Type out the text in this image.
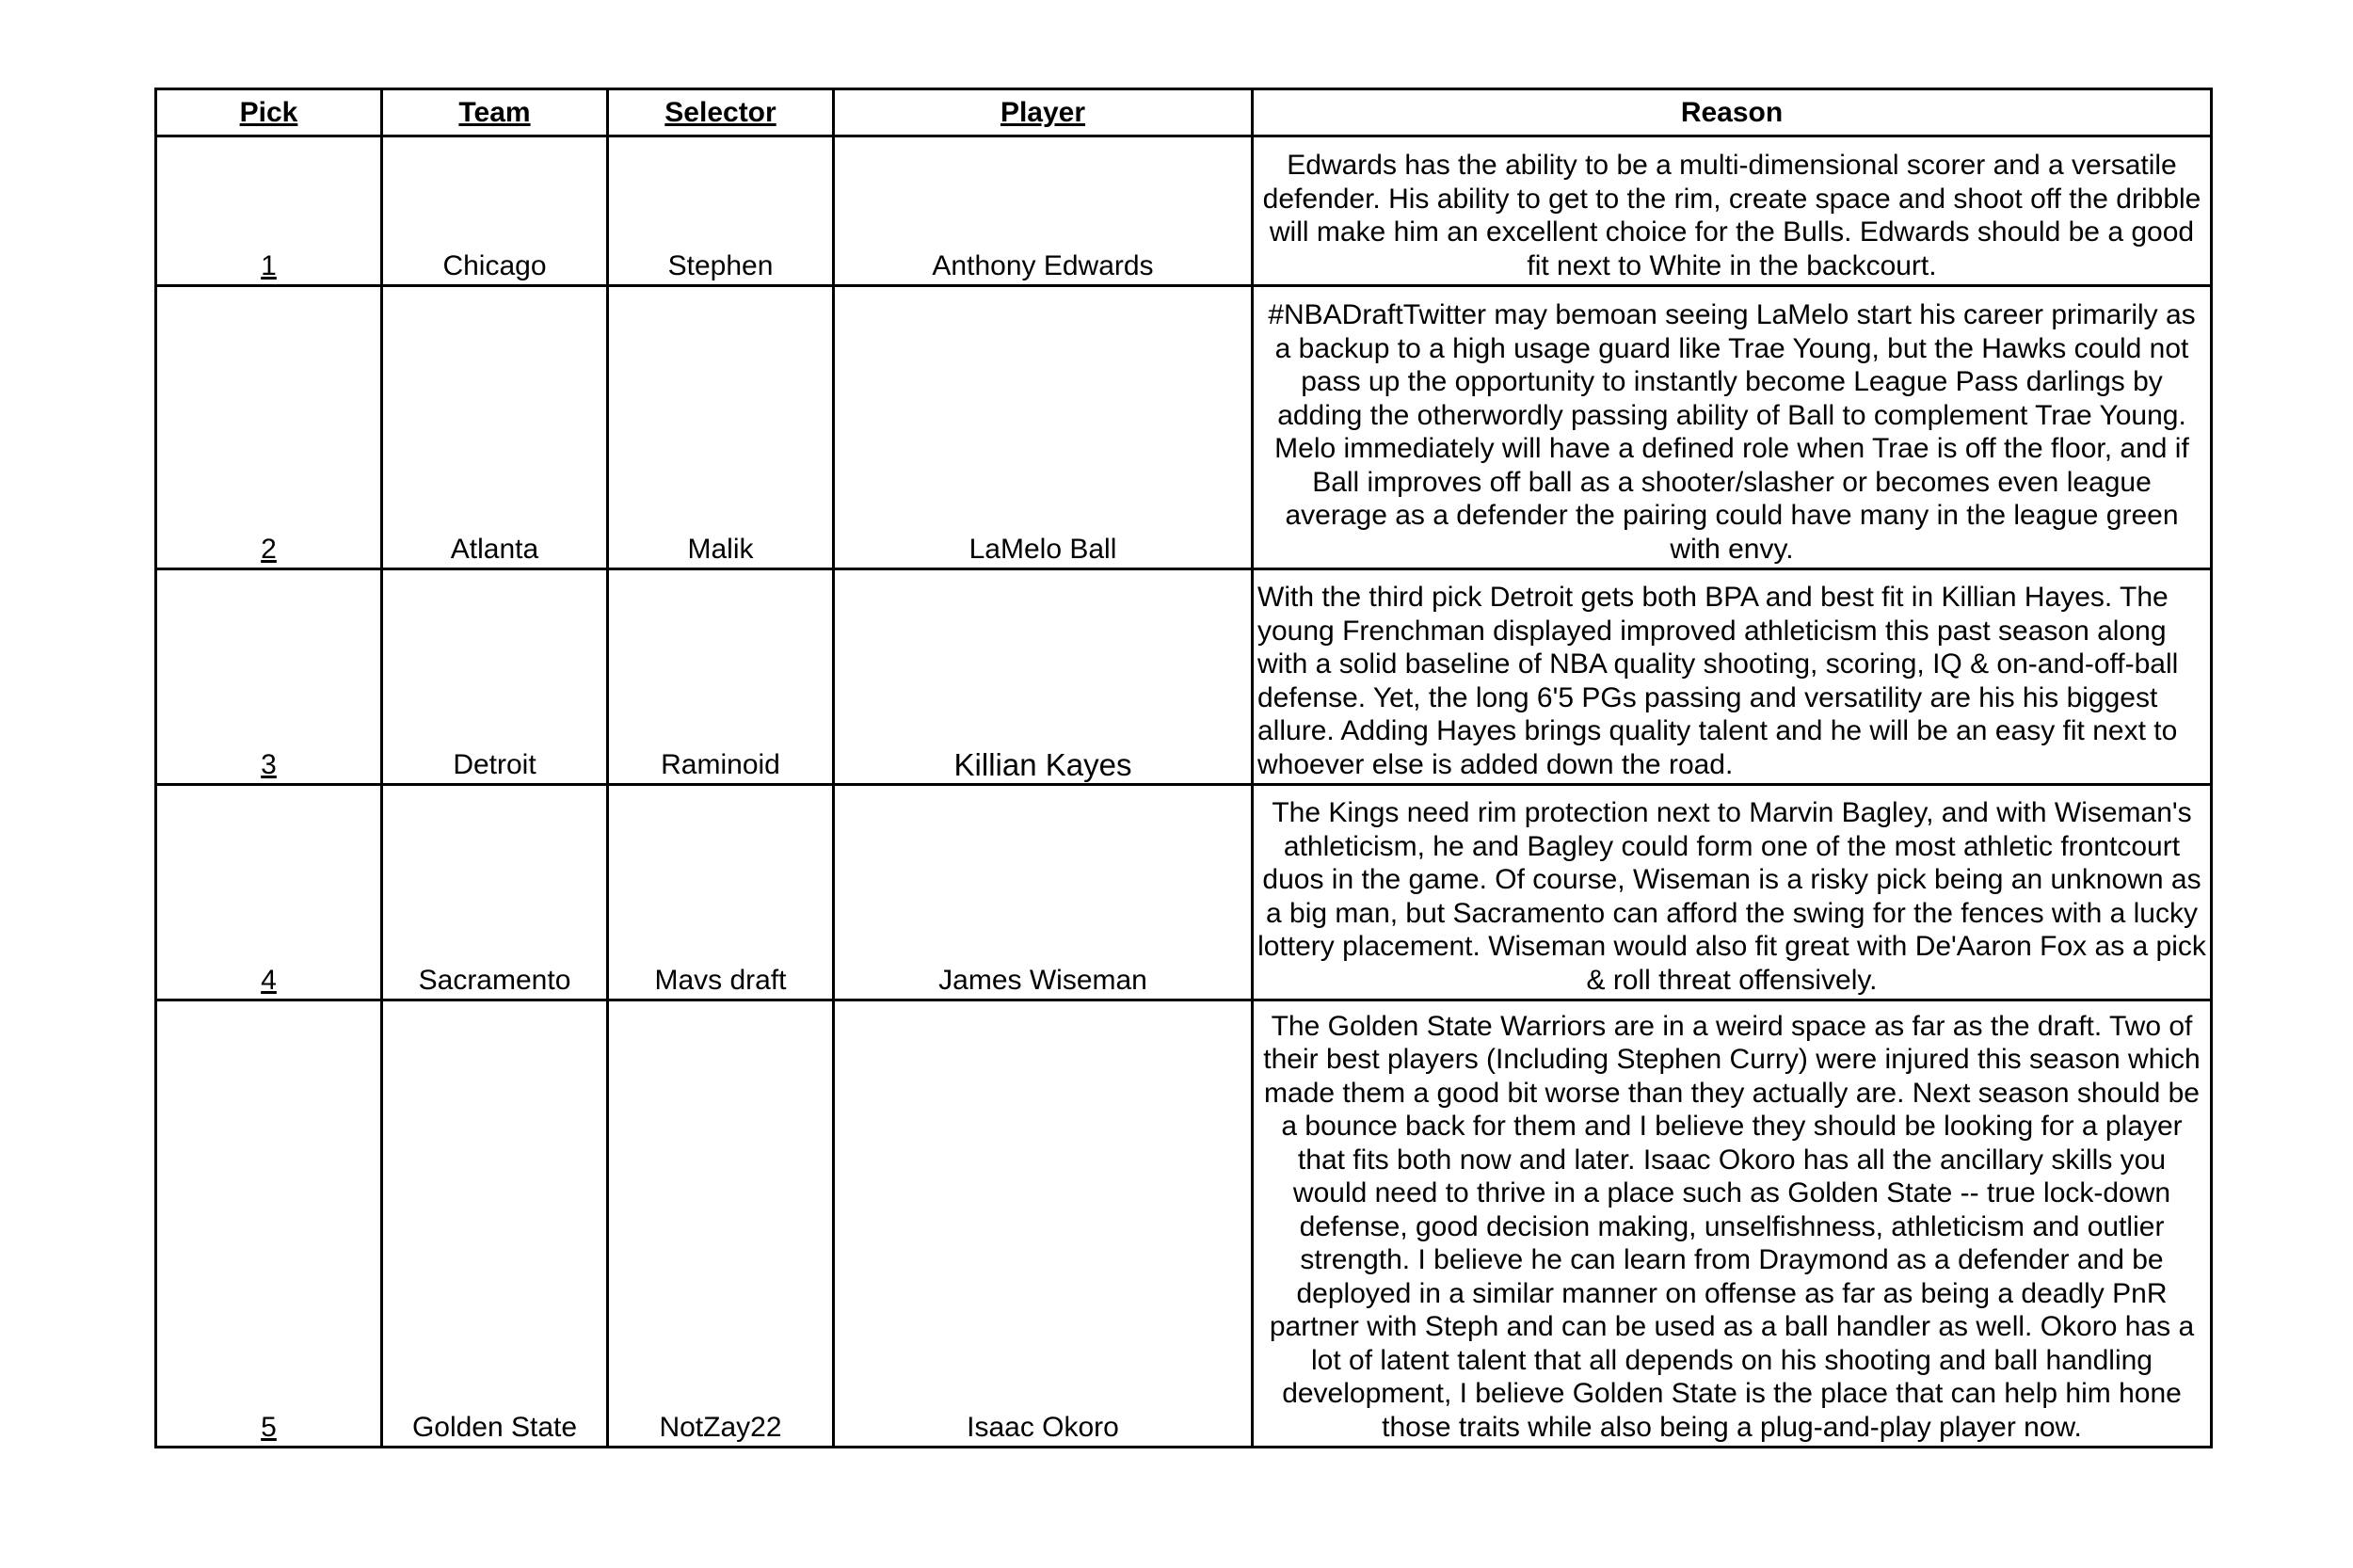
Pick	Team	Selector	Player	Reason
1	Chicago	Stephen	Anthony Edwards	Edwards has the ability to be a multi-dimensional scorer and a versatile defender. His ability to get to the rim, create space and shoot off the dribble will make him an excellent choice for the Bulls. Edwards should be a good fit next to White in the backcourt.
2	Atlanta	Malik	LaMelo Ball	#NBADraftTwitter may bemoan seeing LaMelo start his career primarily as a backup to a high usage guard like Trae Young, but the Hawks could not pass up the opportunity to instantly become League Pass darlings by adding the otherwordly passing ability of Ball to complement Trae Young. Melo immediately will have a defined role when Trae is off the floor, and if Ball improves off ball as a shooter/slasher or becomes even league average as a defender the pairing could have many in the league green with envy.
3	Detroit	Raminoid	Killian Kayes	With the third pick Detroit gets both BPA and best fit in Killian Hayes. The young Frenchman displayed improved athleticism this past season along with a solid baseline of NBA quality shooting, scoring, IQ & on-and-off-ball defense. Yet, the long 6'5 PGs passing and versatility are his his biggest allure. Adding Hayes brings quality talent and he will be an easy fit next to whoever else is added down the road.
4	Sacramento	Mavs draft	James Wiseman	The Kings need rim protection next to Marvin Bagley, and with Wiseman's athleticism, he and Bagley could form one of the most athletic frontcourt duos in the game. Of course, Wiseman is a risky pick being an unknown as a big man, but Sacramento can afford the swing for the fences with a lucky lottery placement. Wiseman would also fit great with De'Aaron Fox as a pick & roll threat offensively.
5	Golden State	NotZay22	Isaac Okoro	The Golden State Warriors are in a weird space as far as the draft. Two of their best players (Including Stephen Curry) were injured this season which made them a good bit worse than they actually are. Next season should be a bounce back for them and I believe they should be looking for a player that fits both now and later. Isaac Okoro has all the ancillary skills you would need to thrive in a place such as Golden State -- true lock-down defense, good decision making, unselfishness, athleticism and outlier strength. I believe he can learn from Draymond as a defender and be deployed in a similar manner on offense as far as being a deadly PnR partner with Steph and can be used as a ball handler as well. Okoro has a lot of latent talent that all depends on his shooting and ball handling development, I believe Golden State is the place that can help him hone those traits while also being a plug-and-play player now.
